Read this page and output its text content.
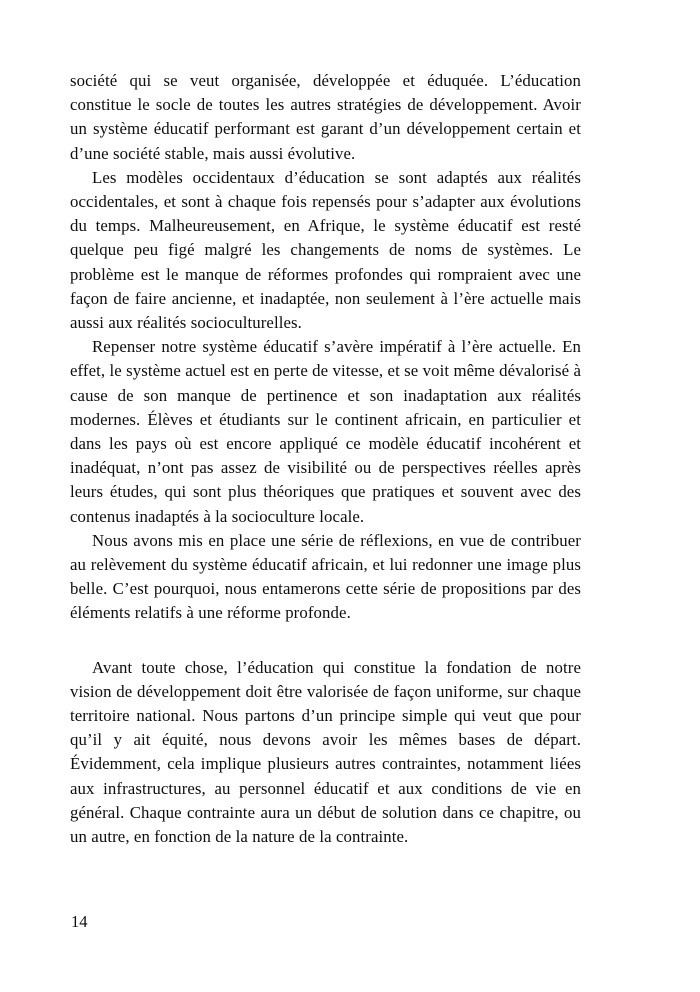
société qui se veut organisée, développée et éduquée. L’éducation constitue le socle de toutes les autres stratégies de développement. Avoir un système éducatif performant est garant d’un développement certain et d’une société stable, mais aussi évolutive.

Les modèles occidentaux d’éducation se sont adaptés aux réalités occidentales, et sont à chaque fois repensés pour s’adapter aux évolutions du temps. Malheureusement, en Afrique, le système éducatif est resté quelque peu figé malgré les changements de noms de systèmes. Le problème est le manque de réformes profondes qui rompraient avec une façon de faire ancienne, et inadaptée, non seulement à l’ère actuelle mais aussi aux réalités socioculturelles.

Repenser notre système éducatif s’avère impératif à l’ère actuelle. En effet, le système actuel est en perte de vitesse, et se voit même dévalorisé à cause de son manque de pertinence et son inadaptation aux réalités modernes. Élèves et étudiants sur le continent africain, en particulier et dans les pays où est encore appliqué ce modèle éducatif incohérent et inadéquat, n’ont pas assez de visibilité ou de perspectives réelles après leurs études, qui sont plus théoriques que pratiques et souvent avec des contenus inadaptés à la socioculture locale.

Nous avons mis en place une série de réflexions, en vue de contribuer au relèvement du système éducatif africain, et lui redonner une image plus belle. C’est pourquoi, nous entamerons cette série de propositions par des éléments relatifs à une réforme profonde.

Avant toute chose, l’éducation qui constitue la fondation de notre vision de développement doit être valorisée de façon uniforme, sur chaque territoire national. Nous partons d’un principe simple qui veut que pour qu’il y ait équité, nous devons avoir les mêmes bases de départ. Évidemment, cela implique plusieurs autres contraintes, notamment liées aux infrastructures, au personnel éducatif et aux conditions de vie en général. Chaque contrainte aura un début de solution dans ce chapitre, ou un autre, en fonction de la nature de la contrainte.

14
